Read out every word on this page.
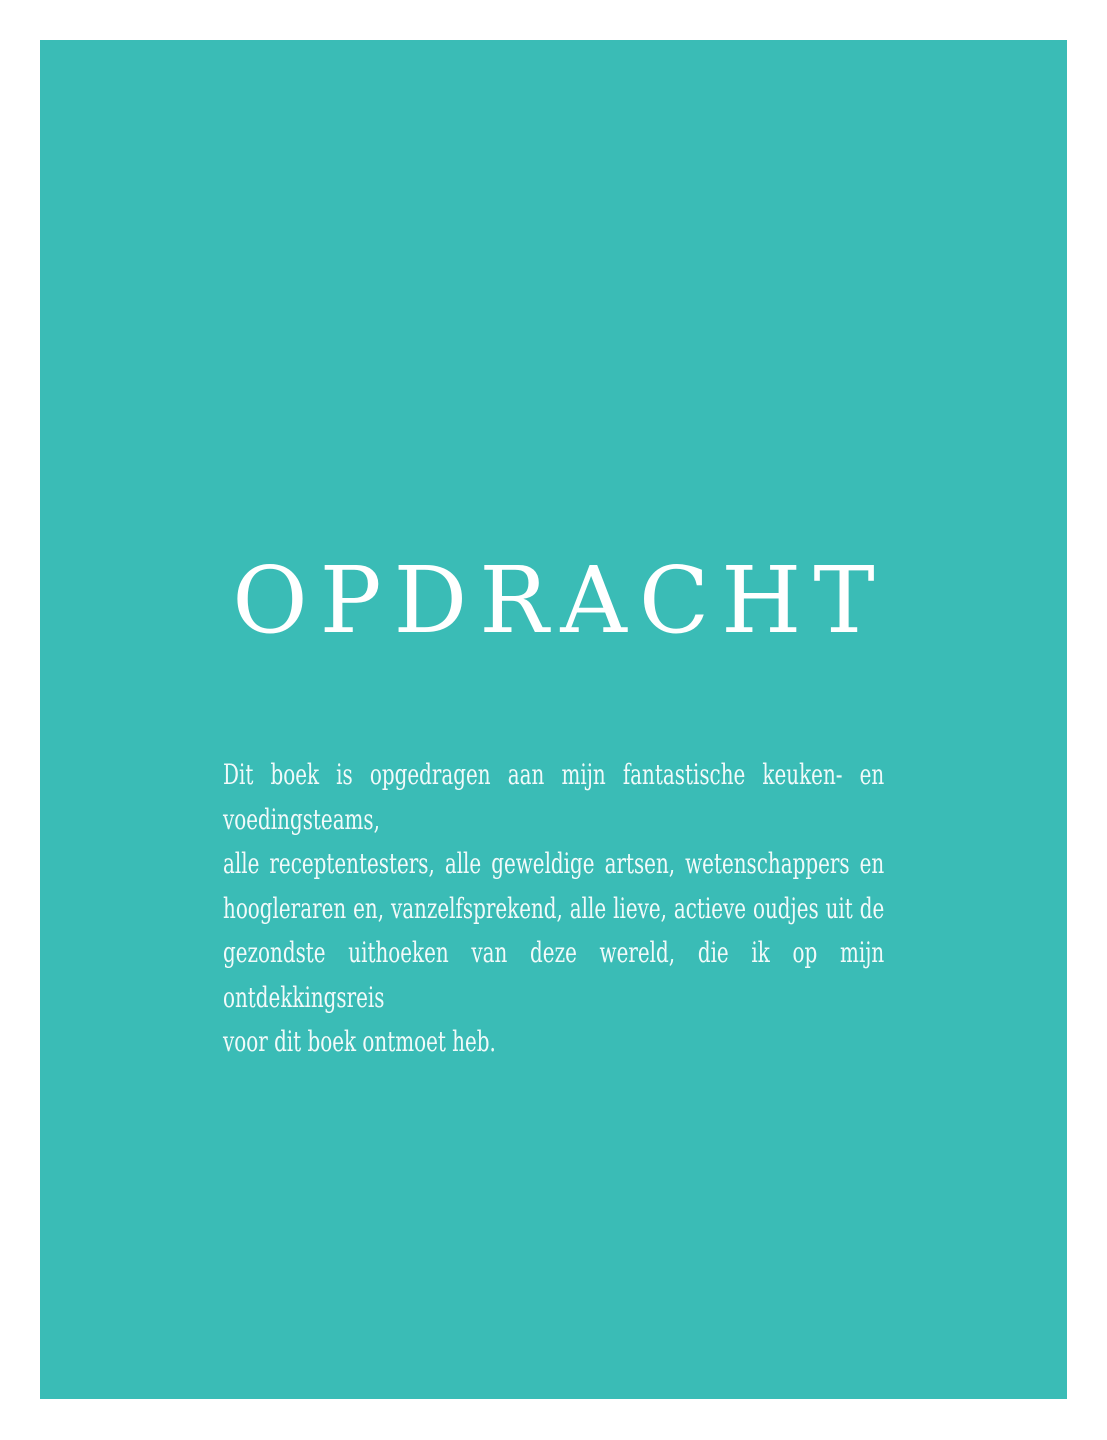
OPDRACHT

Dit boek is opgedragen aan mijn fantastische keuken- en voedingsteams,

alle receptentesters, alle geweldige artsen, wetenschappers en

hoogleraren en, vanzelfsprekend, alle lieve, actieve oudjes uit de

gezondste uithoeken van deze wereld, die ik op mijn ontdekkingsreis

voor dit boek ontmoet heb.
